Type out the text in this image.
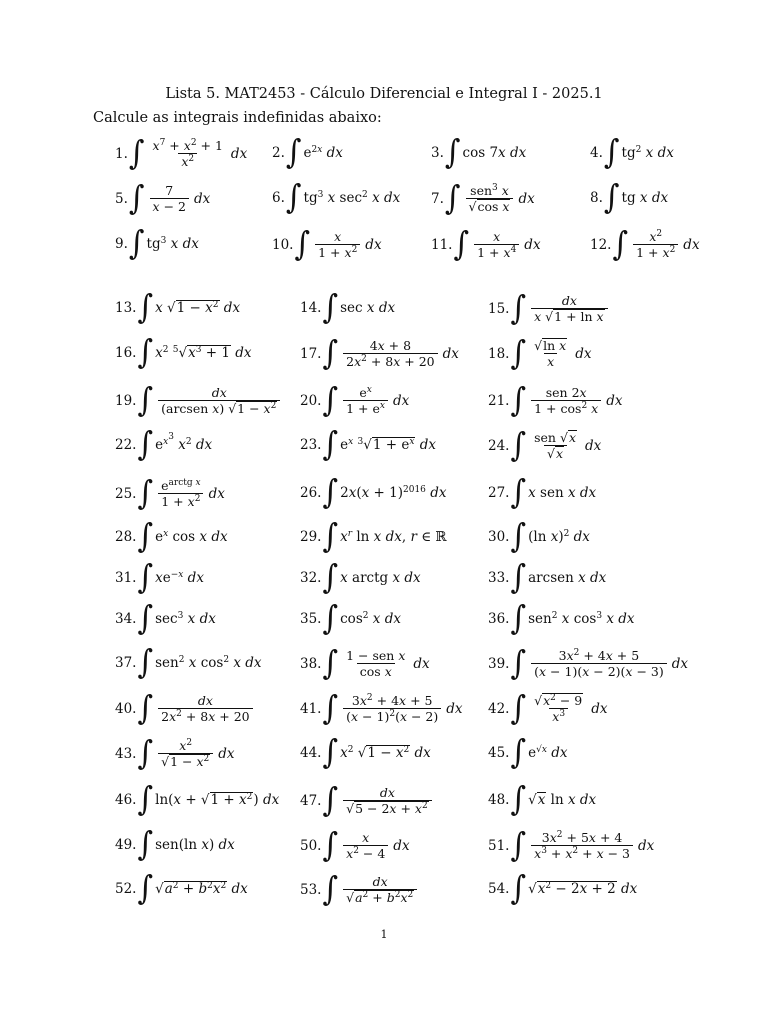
Lista 5. MAT2453 - Cálculo Diferencial e Integral I - 2025.1
Calcule as integrais indefinidas abaixo:
1. ∫ $\frac{x^7 + x^2 + 1}{x^2}$ dx 2. ∫ $e^{2x}$ dx	3. ∫ cos 7x dx	4. ∫ $tg^2$ x dx
5. ∫ $\frac{7}{x - 2}$ dx	6. ∫ $tg^3$ x $\sec^2 x$ dx 7. ∫ $\frac{sen^3 x}{\text{√cos x}}$ dx	8. ∫ tg x dx
9. ∫ $tg^3$ x dx	10. ∫ $\frac{x}{1 + x^2}$ dx	11. ∫ $\frac{x}{1 + x^4}$ dx	12. ∫ $\frac{x^2}{1 + x^2}$ dx
13. ∫ x $√1 - x^2$ dx	14. ∫ sec x dx	15. ∫ $\frac{dx}{\text{x √1 + ln x}}$
16. ∫ $x^2$ $^5√x^3 + 1$ dx	17. ∫ $\frac{4x + 8}{2x^2 + 8x + 20}$ dx 18. ∫ $\frac{\text{√ln x}}{x}$ dx
19. ∫ $\frac{dx}{(arcsen x) √1 - x^2} 20$. ∫ $\frac{e^x}{1 + e^x}$ dx	21. ∫ $\frac{\text{sen 2x}}{1 + \cos^2 x}$ dx
22. ∫ $e^{x^3}$ $x^2$ dx	23. ∫ $e^x$ $^3√1 + e^x$ dx	24. ∫ $\frac{\text{sen √x}}{√x}$ dx
25. ∫ $\frac{e^{arctg x}}{1 + x^2}$ dx	26. ∫ $2x(x + 1)^{2016}$ dx	27. ∫ x sen x dx
28. ∫ $e^x$ cos x dx	29. ∫ $x^r$ ln x dx, r ∈ ℝ	30. ∫ (ln x)$^2$ dx
31. ∫ $xe^{-x}$ dx	32. ∫ x arctg x dx	33. ∫ arcsen x dx
34. ∫ $\sec^3 x$ dx	35. ∫ $\cos^2 x$ dx	36. ∫ sen$^2$ x $\cos^3 x$ dx
37. ∫ sen$^2$ x $\cos^2 x$ dx	38. ∫ $\frac{\text{1 − sen x}}{\text{cos x}}$ dx	39. ∫ $\frac{3x^2 + 4x + 5}{(x - 1)(x - 2)(x - 3)}$ dx
40. ∫ $\frac{dx}{2x^2 + 8x + 20}$	41. ∫ $\frac{3x^2 + 4x + 5}{(x - 1)^2(x - 2)}$ dx 42. ∫ $\frac{√x^2 - 9}{x^3}$ dx
43. ∫ $\frac{x^2}{√1 - x^2}$ dx	44. ∫ $x^2$ $√1 - x^2$ dx	45. ∫ $e^{√x}$ dx
46. ∫ $\ln(x + √1 + x^2)$ dx 47. ∫ $\frac{dx}{√5 - 2x + x^2}$	48. ∫ √x ln x dx
49. ∫ sen(ln x) dx	50. ∫ $\frac{x}{x^2 - 4}$ dx	51. ∫ $\frac{3x^2 + 5x + 4}{x^3 + x^2 + x - 3}$ dx
52. ∫ $√a^2 + b^2x^2$ dx	53. ∫ $\frac{dx}{√a^2 + b^2x^2}$	54. ∫ $√x^2 - 2x + 2$ dx
1
